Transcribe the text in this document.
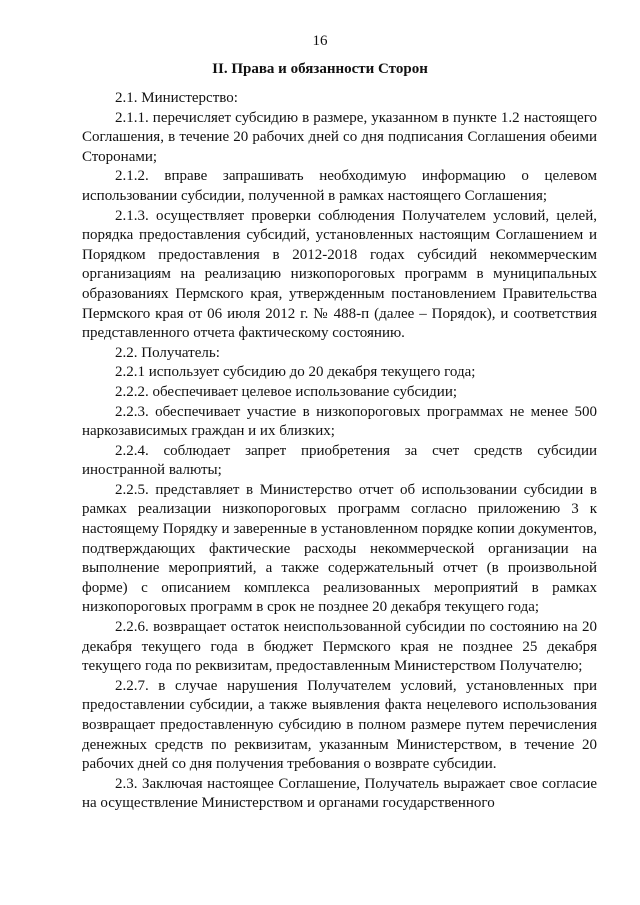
16
II. Права и обязанности Сторон

2.1. Министерство:

2.1.1. перечисляет субсидию в размере, указанном в пункте 1.2 настоящего Соглашения, в течение 20 рабочих дней со дня подписания Соглашения обеими Сторонами;

2.1.2. вправе запрашивать необходимую информацию о целевом использовании субсидии, полученной в рамках настоящего Соглашения;

2.1.3. осуществляет проверки соблюдения Получателем условий, целей, порядка предоставления субсидий, установленных настоящим Соглашением и Порядком предоставления в 2012-2018 годах субсидий некоммерческим организациям на реализацию низкопороговых программ в муниципальных образованиях Пермского края, утвержденным постановлением Правительства Пермского края от 06 июля 2012 г. № 488-п (далее – Порядок), и соответствия представленного отчета фактическому состоянию.

2.2. Получатель:

2.2.1 использует субсидию до 20 декабря текущего года;

2.2.2. обеспечивает целевое использование субсидии;

2.2.3. обеспечивает участие в низкопороговых программах не менее 500 наркозависимых граждан и их близких;

2.2.4. соблюдает запрет приобретения за счет средств субсидии иностранной валюты;

2.2.5. представляет в Министерство отчет об использовании субсидии в рамках реализации низкопороговых программ согласно приложению 3 к настоящему Порядку и заверенные в установленном порядке копии документов, подтверждающих фактические расходы некоммерческой организации на выполнение мероприятий, а также содержательный отчет (в произвольной форме) с описанием комплекса реализованных мероприятий в рамках низкопороговых программ в срок не позднее 20 декабря текущего года;

2.2.6. возвращает остаток неиспользованной субсидии по состоянию на 20 декабря текущего года в бюджет Пермского края не позднее 25 декабря текущего года по реквизитам, предоставленным Министерством Получателю;

2.2.7. в случае нарушения Получателем условий, установленных при предоставлении субсидии, а также выявления факта нецелевого использования возвращает предоставленную субсидию в полном размере путем перечисления денежных средств по реквизитам, указанным Министерством, в течение 20 рабочих дней со дня получения требования о возврате субсидии.

2.3. Заключая настоящее Соглашение, Получатель выражает свое согласие на осуществление Министерством и органами государственного
